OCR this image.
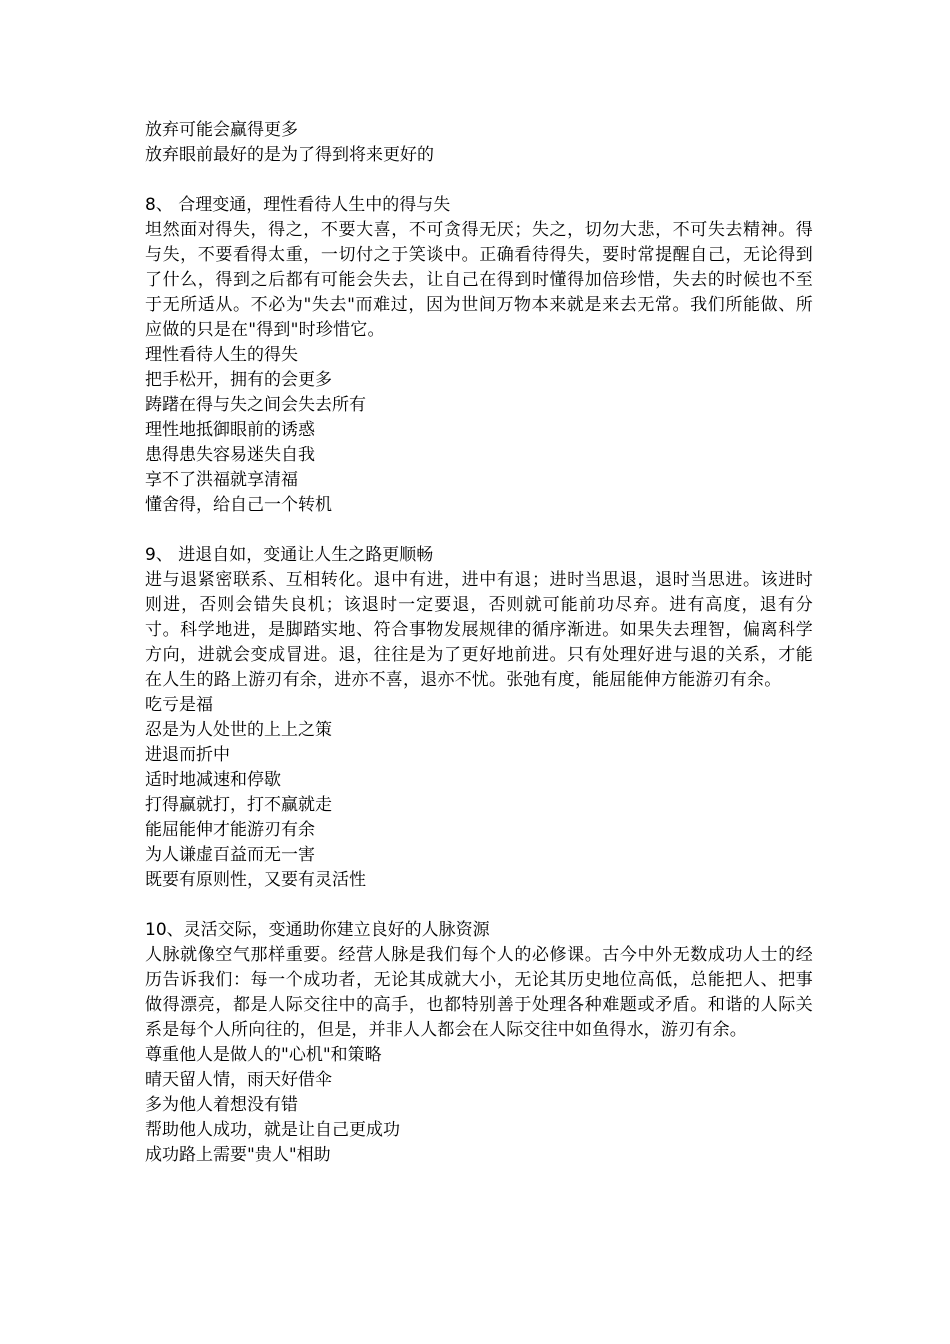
放弃可能会赢得更多
放弃眼前最好的是为了得到将来更好的
8、 合理变通，理性看待人生中的得与失
坦然面对得失，得之，不要大喜，不可贪得无厌；失之，切勿大悲，不可失去精神。得与失，不要看得太重，一切付之于笑谈中。正确看待得失，要时常提醒自己，无论得到了什么，得到之后都有可能会失去，让自己在得到时懂得加倍珍惜，失去的时候也不至于无所适从。不必为"失去"而难过，因为世间万物本来就是来去无常。我们所能做、所应做的只是在"得到"时珍惜它。
理性看待人生的得失
把手松开，拥有的会更多
踌躇在得与失之间会失去所有
理性地抵御眼前的诱惑
患得患失容易迷失自我
享不了洪福就享清福
懂舍得，给自己一个转机
9、 进退自如，变通让人生之路更顺畅
进与退紧密联系、互相转化。退中有进，进中有退；进时当思退，退时当思进。该进时则进，否则会错失良机；该退时一定要退，否则就可能前功尽弃。进有高度，退有分寸。科学地进，是脚踏实地、符合事物发展规律的循序渐进。如果失去理智，偏离科学方向，进就会变成冒进。退，往往是为了更好地前进。只有处理好进与退的关系，才能在人生的路上游刃有余，进亦不喜，退亦不忧。张弛有度，能屈能伸方能游刃有余。
吃亏是福
忍是为人处世的上上之策
进退而折中
适时地减速和停歇
打得赢就打，打不赢就走
能屈能伸才能游刃有余
为人谦虚百益而无一害
既要有原则性，又要有灵活性
10、灵活交际，变通助你建立良好的人脉资源
人脉就像空气那样重要。经营人脉是我们每个人的必修课。古今中外无数成功人士的经历告诉我们：每一个成功者，无论其成就大小，无论其历史地位高低，总能把人、把事做得漂亮，都是人际交往中的高手，也都特别善于处理各种难题或矛盾。和谐的人际关系是每个人所向往的，但是，并非人人都会在人际交往中如鱼得水，游刃有余。
尊重他人是做人的"心机"和策略
晴天留人情，雨天好借伞
多为他人着想没有错
帮助他人成功，就是让自己更成功
成功路上需要"贵人"相助
